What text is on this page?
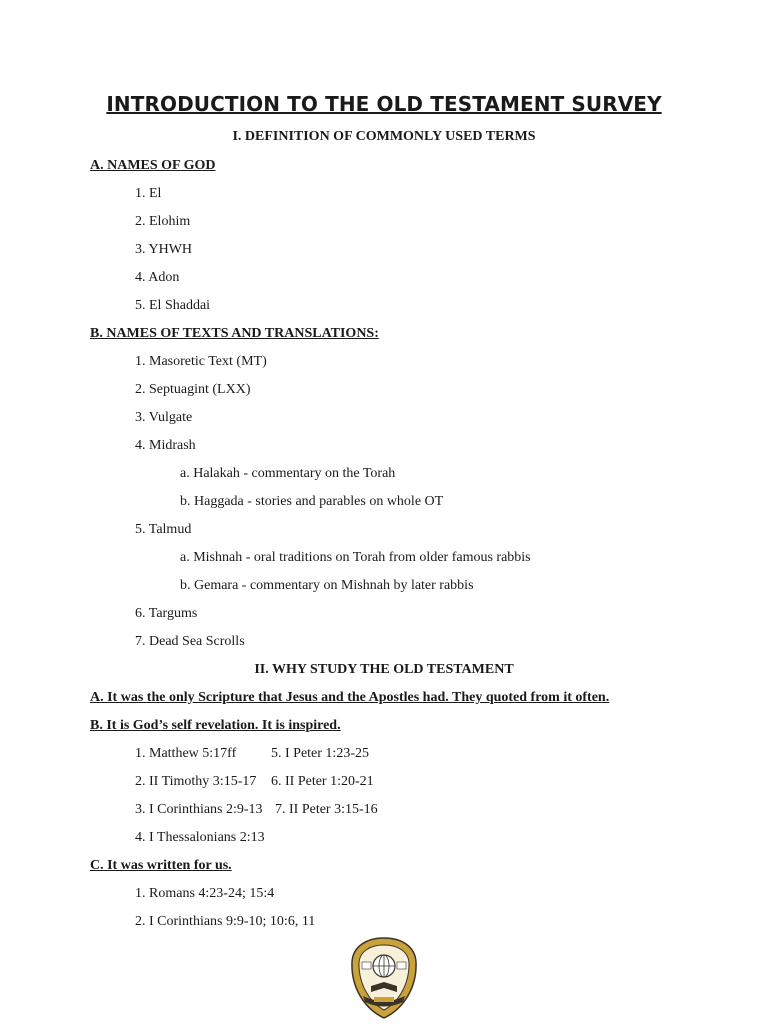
INTRODUCTION TO THE OLD TESTAMENT SURVEY
I. DEFINITION OF COMMONLY USED TERMS
A. NAMES OF GOD
1. El
2. Elohim
3. YHWH
4. Adon
5. El Shaddai
B. NAMES OF TEXTS AND TRANSLATIONS:
1. Masoretic Text (MT)
2. Septuagint (LXX)
3. Vulgate
4. Midrash
a. Halakah - commentary on the Torah
b. Haggada - stories and parables on whole OT
5. Talmud
a. Mishnah - oral traditions on Torah from older famous rabbis
b. Gemara - commentary on Mishnah by later rabbis
6. Targums
7. Dead Sea Scrolls
II. WHY STUDY THE OLD TESTAMENT
A. It was the only Scripture that Jesus and the Apostles had. They quoted from it often.
B. It is God’s self revelation. It is inspired.
1. Matthew 5:17ff 5. I Peter 1:23-25
2. II Timothy 3:15-17 6. II Peter 1:20-21
3. I Corinthians 2:9-13 7. II Peter 3:15-16
4. I Thessalonians 2:13
C. It was written for us.
1. Romans 4:23-24; 15:4
2. I Corinthians 9:9-10; 10:6, 11
